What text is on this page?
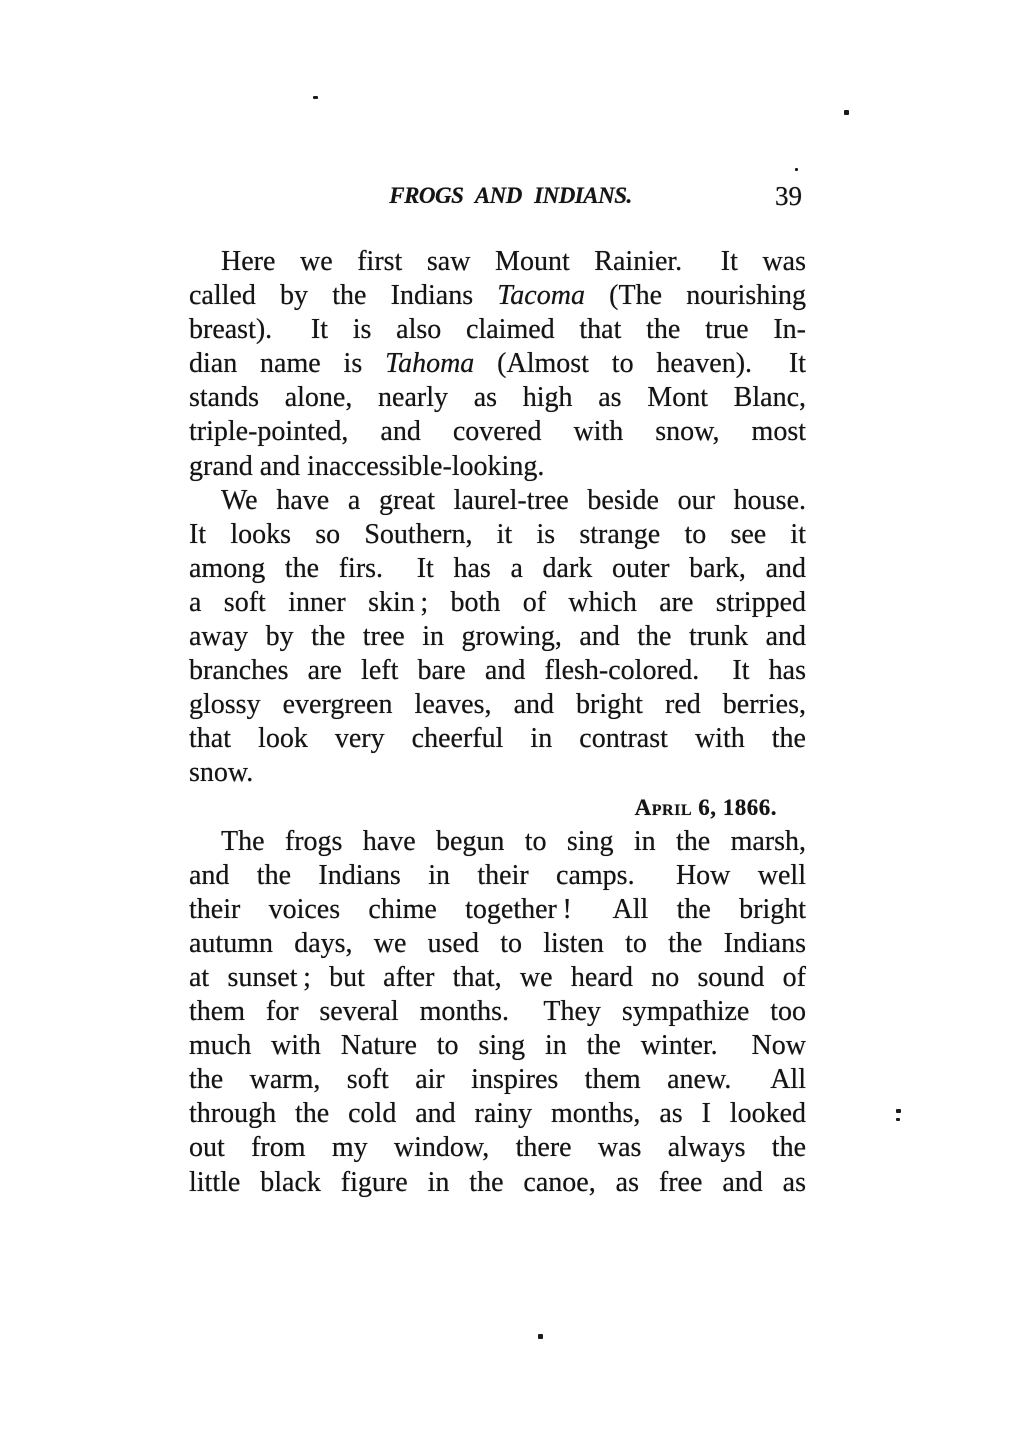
FROGS AND INDIANS.	39
Here we first saw Mount Rainier.  It was
called by the Indians Tacoma (The nourishing
breast).  It is also claimed that the true In-
dian name is Tahoma (Almost to heaven).  It
stands alone, nearly as high as Mont Blanc,
triple-pointed, and covered with snow, most
grand and inaccessible-looking.
We have a great laurel-tree beside our house.
It looks so Southern, it is strange to see it
among the firs.  It has a dark outer bark, and
a soft inner skin ; both of which are stripped
away by the tree in growing, and the trunk and
branches are left bare and flesh-colored.  It has
glossy evergreen leaves, and bright red berries,
that look very cheerful in contrast with the
snow.
April 6, 1866.
The frogs have begun to sing in the marsh,
and the Indians in their camps.  How well
their voices chime together !  All the bright
autumn days, we used to listen to the Indians
at sunset ; but after that, we heard no sound of
them for several months.  They sympathize too
much with Nature to sing in the winter.  Now
the warm, soft air inspires them anew.  All
through the cold and rainy months, as I looked
out from my window, there was always the
little black figure in the canoe, as free and as
